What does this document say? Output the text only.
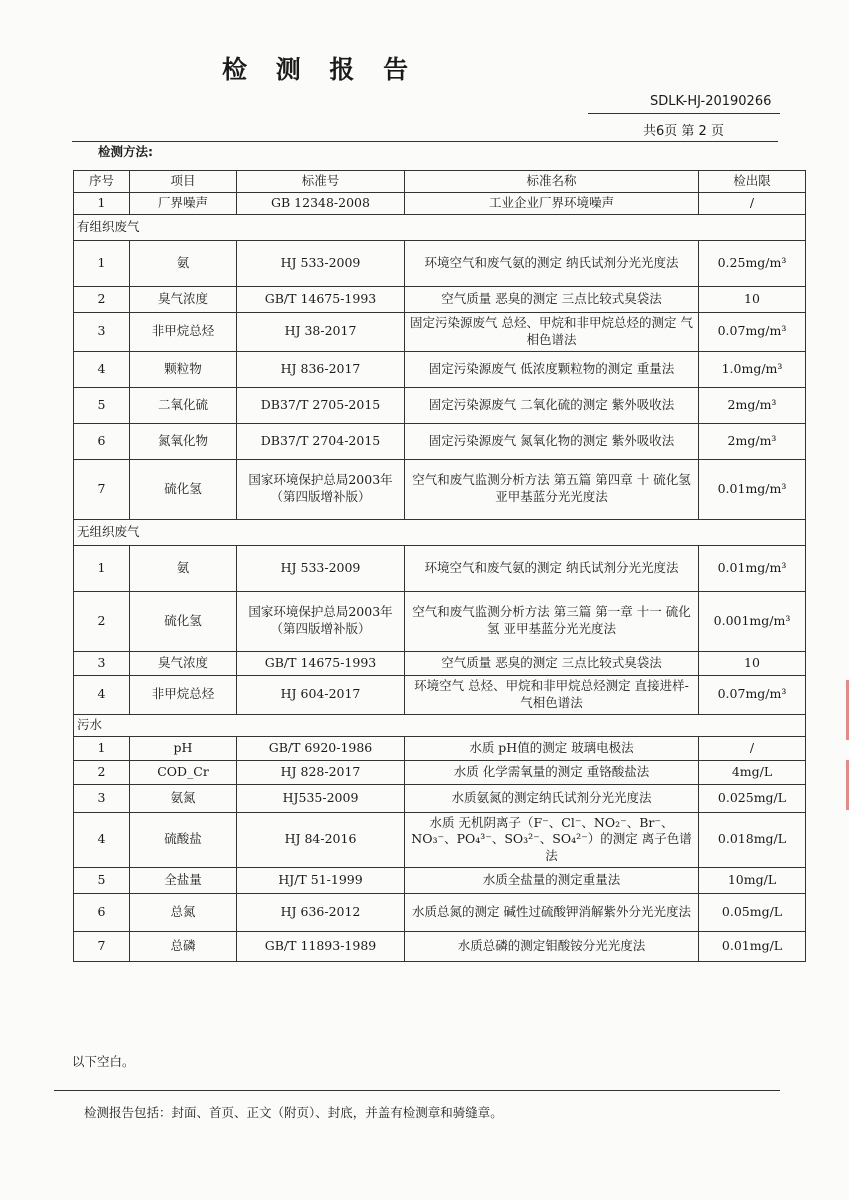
检 测 报 告
SDLK-HJ-20190266
共6页 第 2 页
检测方法:
序号	项目	标准号	标准名称	检出限
1	厂界噪声	GB 12348-2008	工业企业厂界环境噪声	/
有组织废气				
1	氨	HJ 533-2009	环境空气和废气氨的测定 纳氏试剂分光光度法	0.25mg/m³
2	臭气浓度	GB/T 14675-1993	空气质量 恶臭的测定 三点比较式臭袋法	10
3	非甲烷总烃	HJ 38-2017	固定污染源废气 总烃、甲烷和非甲烷总烃的测定 气相色谱法	0.07mg/m³
4	颗粒物	HJ 836-2017	固定污染源废气 低浓度颗粒物的测定 重量法	1.0mg/m³
5	二氧化硫	DB37/T 2705-2015	固定污染源废气 二氧化硫的测定 紫外吸收法	2mg/m³
6	氮氧化物	DB37/T 2704-2015	固定污染源废气 氮氧化物的测定 紫外吸收法	2mg/m³
7	硫化氢	国家环境保护总局2003年（第四版增补版）	空气和废气监测分析方法 第五篇 第四章 十 硫化氢 亚甲基蓝分光光度法	0.01mg/m³
无组织废气				
1	氨	HJ 533-2009	环境空气和废气氨的测定 纳氏试剂分光光度法	0.01mg/m³
2	硫化氢	国家环境保护总局2003年（第四版增补版）	空气和废气监测分析方法 第三篇 第一章 十一 硫化氢 亚甲基蓝分光光度法	0.001mg/m³
3	臭气浓度	GB/T 14675-1993	空气质量 恶臭的测定 三点比较式臭袋法	10
4	非甲烷总烃	HJ 604-2017	环境空气 总烃、甲烷和非甲烷总烃测定 直接进样-气相色谱法	0.07mg/m³
污水				
1	pH	GB/T 6920-1986	水质 pH值的测定 玻璃电极法	/
2	COD_Cr	HJ 828-2017	水质 化学需氧量的测定 重铬酸盐法	4mg/L
3	氨氮	HJ535-2009	水质氨氮的测定纳氏试剂分光光度法	0.025mg/L
4	硫酸盐	HJ 84-2016	水质 无机阴离子（F⁻、Cl⁻、NO₂⁻、Br⁻、NO₃⁻、PO₄³⁻、SO₃²⁻、SO₄²⁻）的测定 离子色谱法	0.018mg/L
5	全盐量	HJ/T 51-1999	水质全盐量的测定重量法	10mg/L
6	总氮	HJ 636-2012	水质总氮的测定 碱性过硫酸钾消解紫外分光光度法	0.05mg/L
7	总磷	GB/T 11893-1989	水质总磷的测定钼酸铵分光光度法	0.01mg/L
以下空白。
检测报告包括：封面、首页、正文（附页）、封底，并盖有检测章和骑缝章。
